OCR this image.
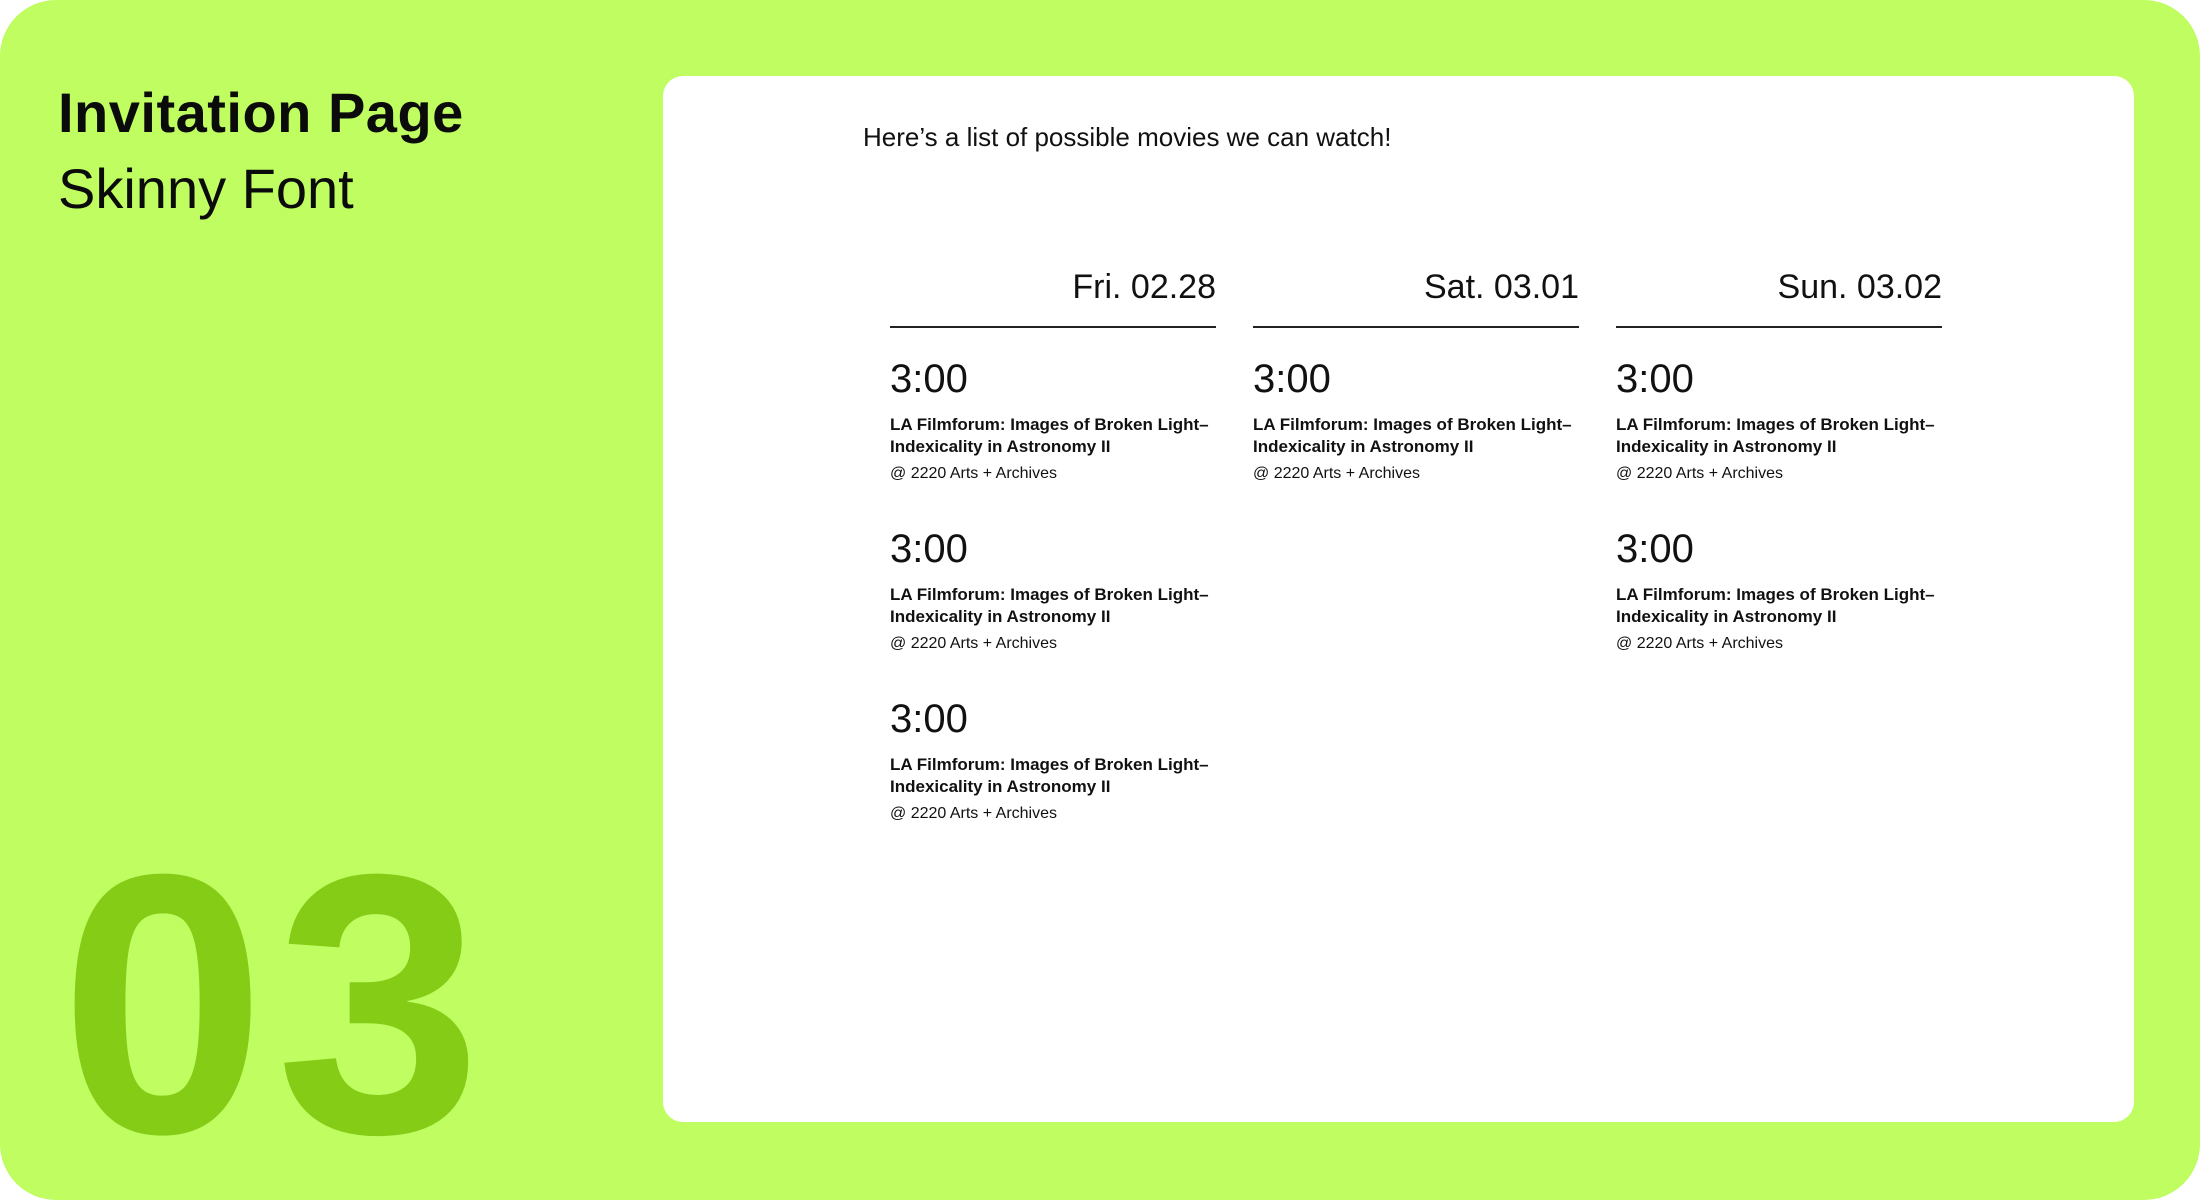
Invitation Page
Skinny Font
03
Here’s a list of possible movies we can watch!
Fri. 02.28
3:00
LA Filmforum: Images of Broken Light–Indexicality in Astronomy II
@ 2220 Arts + Archives
3:00
LA Filmforum: Images of Broken Light–Indexicality in Astronomy II
@ 2220 Arts + Archives
3:00
LA Filmforum: Images of Broken Light–Indexicality in Astronomy II
@ 2220 Arts + Archives
Sat. 03.01
3:00
LA Filmforum: Images of Broken Light–Indexicality in Astronomy II
@ 2220 Arts + Archives
Sun. 03.02
3:00
LA Filmforum: Images of Broken Light–Indexicality in Astronomy II
@ 2220 Arts + Archives
3:00
LA Filmforum: Images of Broken Light–Indexicality in Astronomy II
@ 2220 Arts + Archives
